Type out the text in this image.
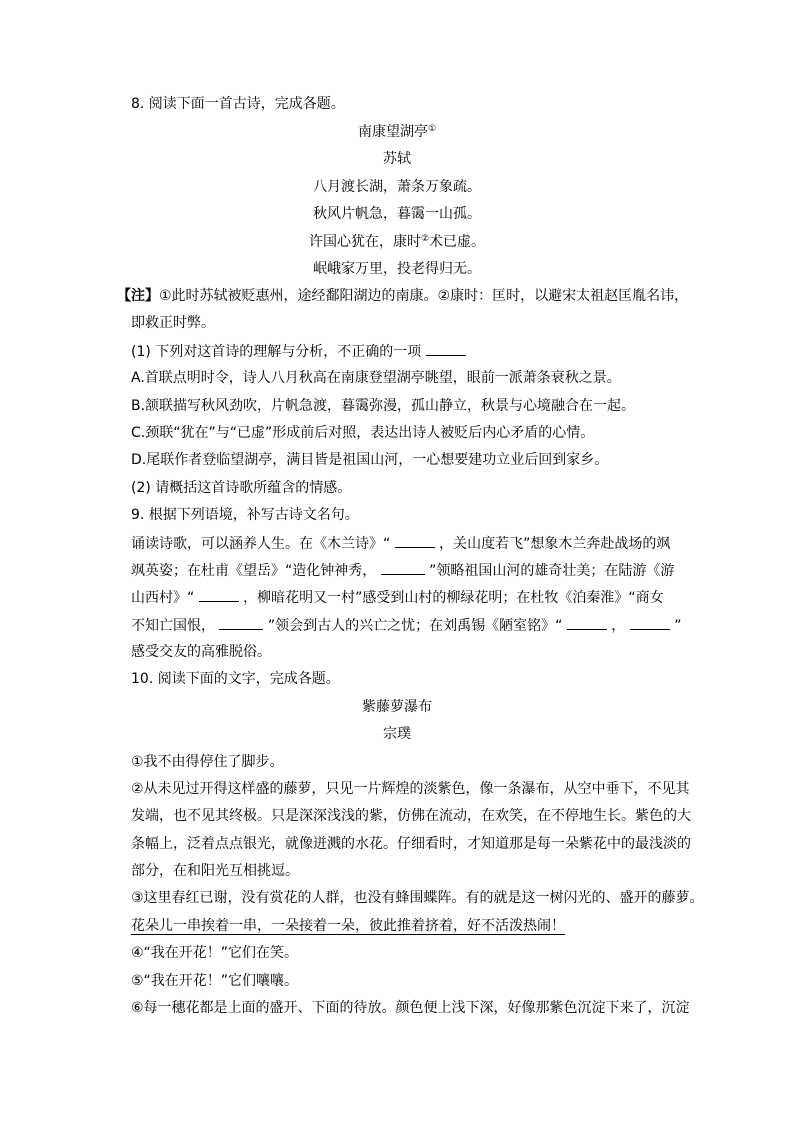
8. 阅读下面一首古诗，完成各题。
南康望湖亭①
苏轼
八月渡长湖，萧条万象疏。
秋风片帆急，暮霭一山孤。
许国心犹在，康时②术已虚。
岷峨家万里，投老得归无。
【注】①此时苏轼被贬惠州，途经鄱阳湖边的南康。②康时：匡时，以避宋太祖赵匡胤名讳，
即救正时弊。
(1) 下列对这首诗的理解与分析，不正确的一项
A.首联点明时令，诗人八月秋高在南康登望湖亭眺望，眼前一派萧条衰秋之景。
B.颔联描写秋风劲吹，片帆急渡，暮霭弥漫，孤山静立，秋景与心境融合在一起。
C.颈联“犹在”与“已虚”形成前后对照，表达出诗人被贬后内心矛盾的心情。
D.尾联作者登临望湖亭，满目皆是祖国山河，一心想要建功立业后回到家乡。
(2) 请概括这首诗歌所蕴含的情感。
9. 根据下列语境，补写古诗文名句。
诵读诗歌，可以涵养人生。在《木兰诗》“	，关山度若飞”想象木兰奔赴战场的飒
飒英姿；在杜甫《望岳》“造化钟神秀，	”领略祖国山河的雄奇壮美；在陆游《游
山西村》“	，柳暗花明又一村”感受到山村的柳绿花明；在杜牧《泊秦淮》“商女
不知亡国恨，	”领会到古人的兴亡之忧；在刘禹锡《陋室铭》“	，	”
感受交友的高雅脱俗。
10. 阅读下面的文字，完成各题。
紫藤萝瀑布
宗璞
①我不由得停住了脚步。
②从未见过开得这样盛的藤萝，只见一片辉煌的淡紫色，像一条瀑布，从空中垂下，不见其
发端，也不见其终极。只是深深浅浅的紫，仿佛在流动，在欢笑，在不停地生长。紫色的大
条幅上，泛着点点银光，就像迸溅的水花。仔细看时，才知道那是每一朵紫花中的最浅淡的
部分，在和阳光互相挑逗。
③这里春红已谢，没有赏花的人群，也没有蜂围蝶阵。有的就是这一树闪光的、盛开的藤萝。
花朵儿一串挨着一串，一朵接着一朵，彼此推着挤着，好不活泼热闹！
④“我在开花！”它们在笑。
⑤“我在开花！”它们嚷嚷。
⑥每一穗花都是上面的盛开、下面的待放。颜色便上浅下深，好像那紫色沉淀下来了，沉淀
